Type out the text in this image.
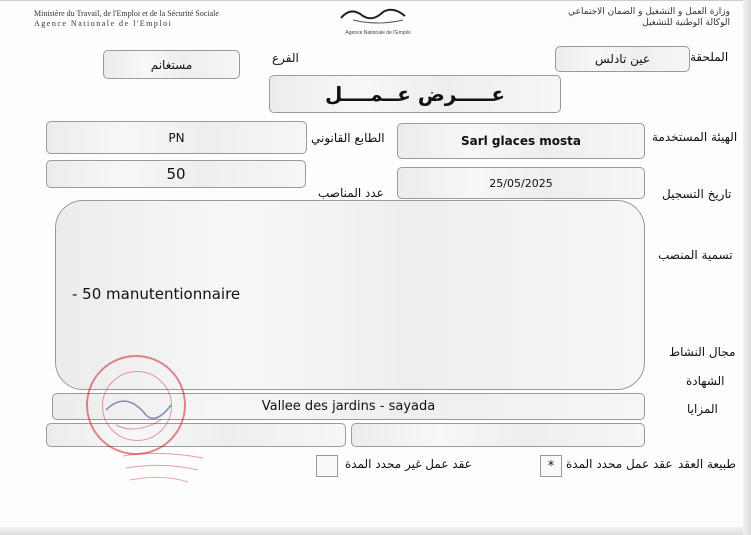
Ministère du Travail, de l'Emploi et de la Sécurité Sociale
Agence Nationale de l'Emploi
Agence Nationale de l'Emploi
وزارة العمل و التشغيل و الضمان الاجتماعي
الوكالة الوطنية للتشغيل
الملحقة
عين تادلس
الفرع
مستغانم
عـــــرض عــمــــل
الهيئة المستخدمة
Sarl glaces mosta
الطابع القانوني
PN
تاريخ التسجيل
25/05/2025
50
عدد المناصب
- 50 manutentionnaire
تسمية المنصب
مجال النشاط
الشهادة
المزايا
Vallee des jardins - sayada
طبيعة العقد
عقد عمل محدد المدة
*
عقد عمل غير محدد المدة
